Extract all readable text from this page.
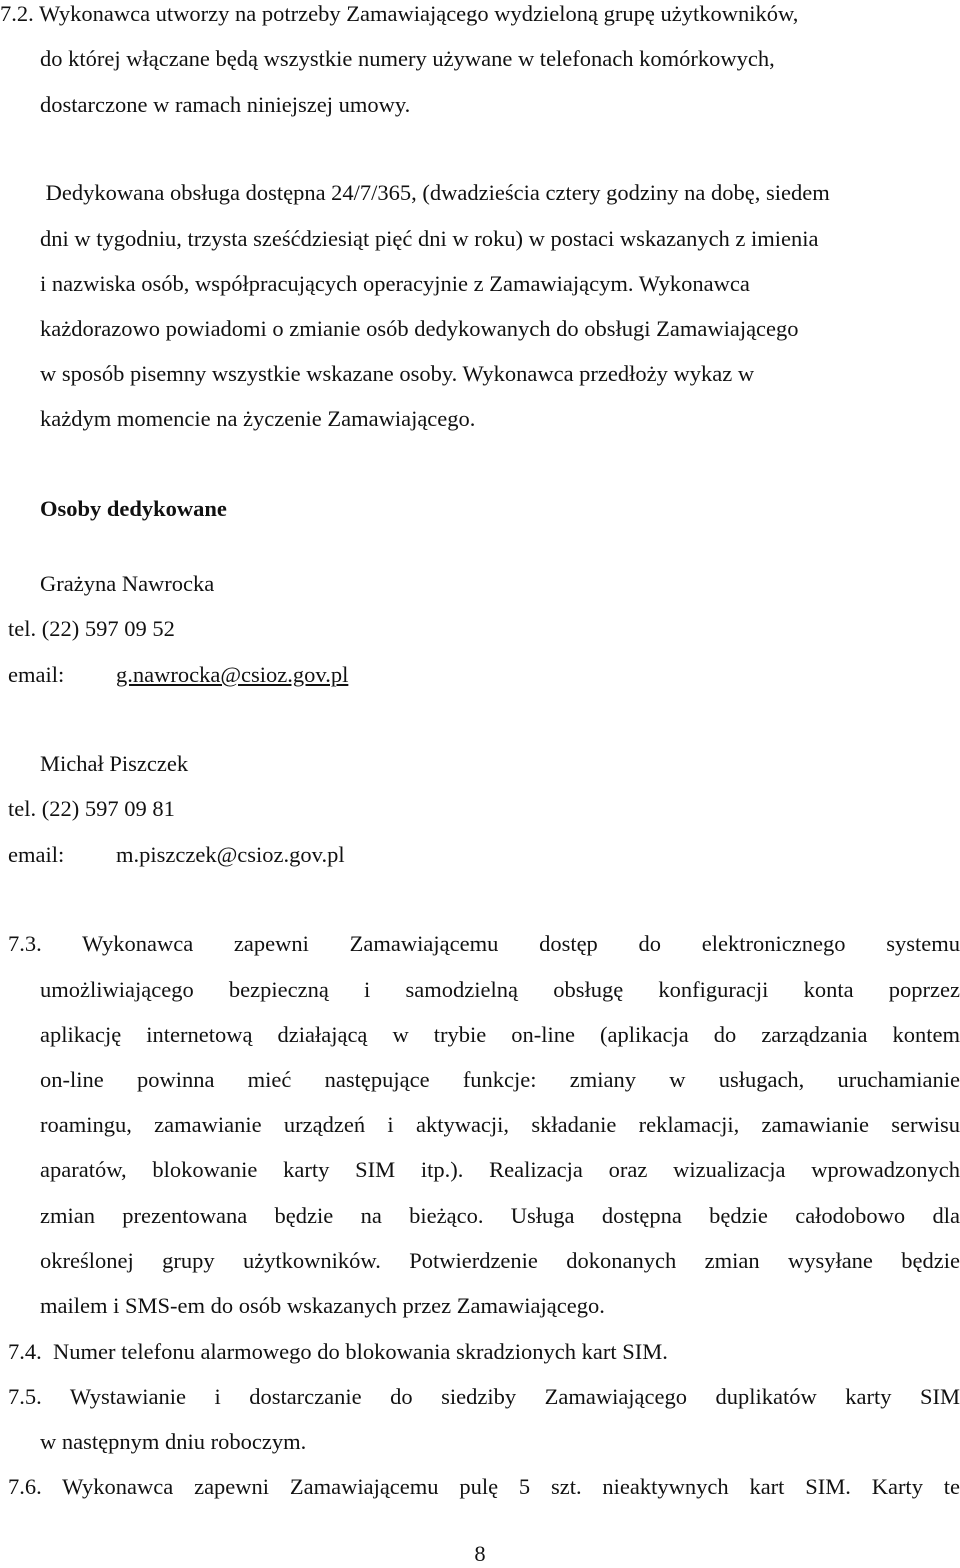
7.2. Wykonawca utworzy na potrzeby Zamawiającego wydzieloną grupę użytkowników,
do której włączane będą wszystkie numery używane w telefonach komórkowych,
dostarczone w ramach niniejszej umowy.
Dedykowana obsługa dostępna 24/7/365, (dwadzieścia cztery godziny na dobę, siedem
dni w tygodniu, trzysta sześćdziesiąt pięć dni w roku) w postaci wskazanych z imienia
i nazwiska osób, współpracujących operacyjnie z Zamawiającym. Wykonawca
każdorazowo powiadomi o zmianie osób dedykowanych do obsługi Zamawiającego
w sposób pisemny wszystkie wskazane osoby. Wykonawca przedłoży wykaz w
każdym momencie na życzenie Zamawiającego.
Osoby dedykowane
Grażyna Nawrocka
tel. (22) 597 09 52
email: g.nawrocka@csioz.gov.pl
Michał Piszczek
tel. (22) 597 09 81
email: m.piszczek@csioz.gov.pl
7.3. Wykonawca zapewni Zamawiającemu dostęp do elektronicznego systemu
umożliwiającego bezpieczną i samodzielną obsługę konfiguracji konta poprzez
aplikację internetową działającą w trybie on-line (aplikacja do zarządzania kontem
on-line powinna mieć następujące funkcje: zmiany w usługach, uruchamianie
roamingu, zamawianie urządzeń i aktywacji, składanie reklamacji, zamawianie serwisu
aparatów, blokowanie karty SIM itp.). Realizacja oraz wizualizacja wprowadzonych
zmian prezentowana będzie na bieżąco. Usługa dostępna będzie całodobowo dla
określonej grupy użytkowników. Potwierdzenie dokonanych zmian wysyłane będzie
mailem i SMS-em do osób wskazanych przez Zamawiającego.
7.4.  Numer telefonu alarmowego do blokowania skradzionych kart SIM.
7.5. Wystawianie i dostarczanie do siedziby Zamawiającego duplikatów karty SIM
w następnym dniu roboczym.
7.6. Wykonawca zapewni Zamawiającemu pulę 5 szt. nieaktywnych kart SIM. Karty te
8
